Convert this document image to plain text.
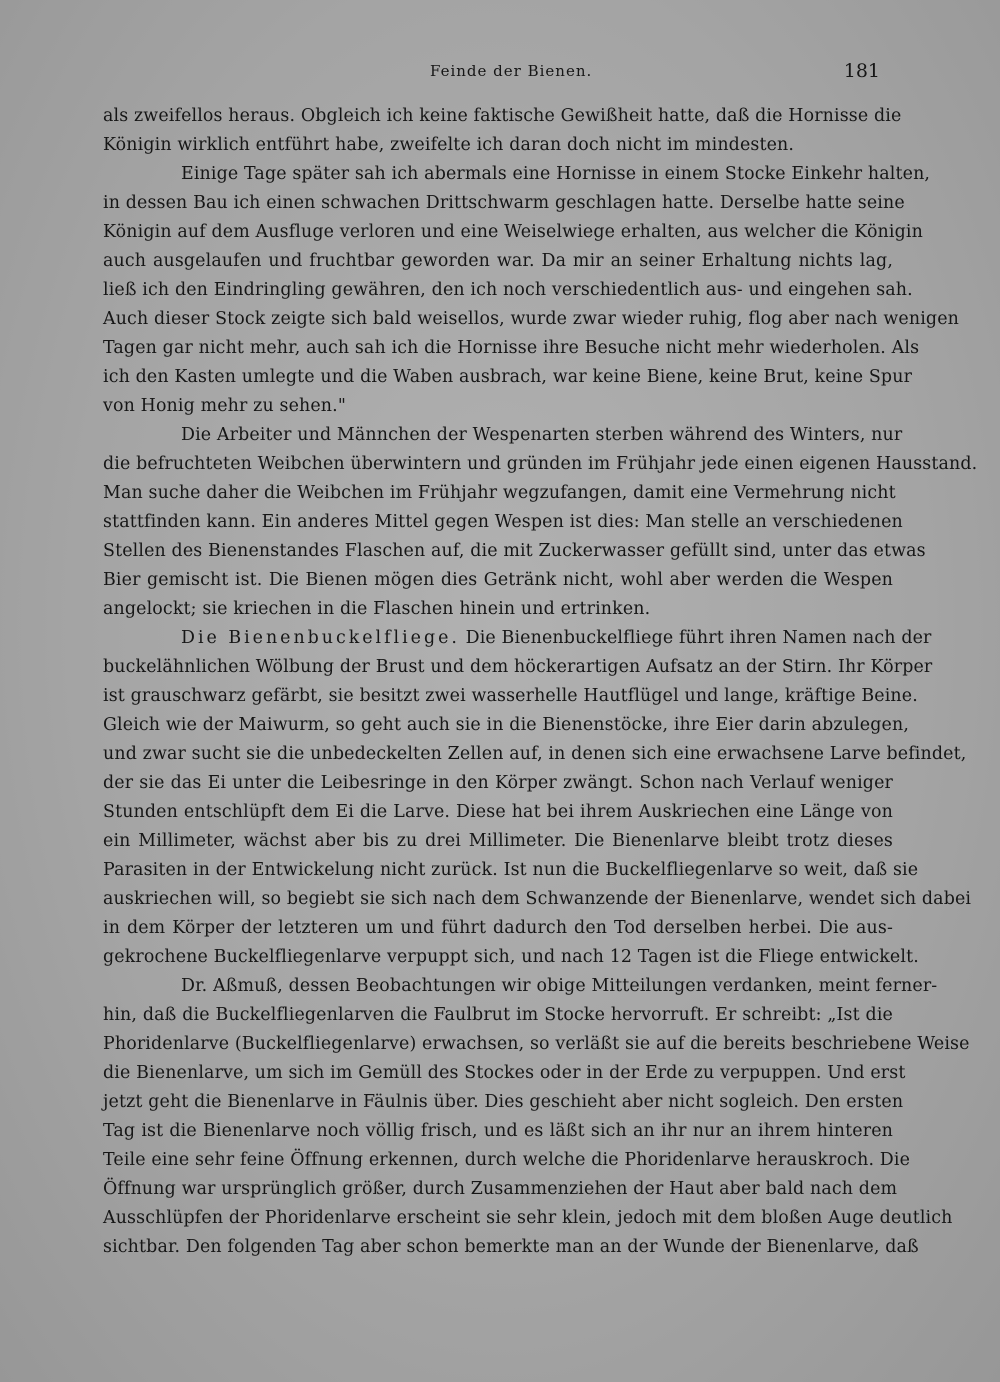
Feinde der Bienen.	181
als zweifellos heraus. Obgleich ich keine faktische Gewißheit hatte, daß die Hornisse die
Königin wirklich entführt habe, zweifelte ich daran doch nicht im mindesten.
Einige Tage später sah ich abermals eine Hornisse in einem Stocke Einkehr halten,
in dessen Bau ich einen schwachen Drittschwarm geschlagen hatte. Derselbe hatte seine
Königin auf dem Ausfluge verloren und eine Weiselwiege erhalten, aus welcher die Königin
auch ausgelaufen und fruchtbar geworden war. Da mir an seiner Erhaltung nichts lag,
ließ ich den Eindringling gewähren, den ich noch verschiedentlich aus- und eingehen sah.
Auch dieser Stock zeigte sich bald weisellos, wurde zwar wieder ruhig, flog aber nach wenigen
Tagen gar nicht mehr, auch sah ich die Hornisse ihre Besuche nicht mehr wiederholen. Als
ich den Kasten umlegte und die Waben ausbrach, war keine Biene, keine Brut, keine Spur
von Honig mehr zu sehen."
Die Arbeiter und Männchen der Wespenarten sterben während des Winters, nur
die befruchteten Weibchen überwintern und gründen im Frühjahr jede einen eigenen Hausstand.
Man suche daher die Weibchen im Frühjahr wegzufangen, damit eine Vermehrung nicht
stattfinden kann. Ein anderes Mittel gegen Wespen ist dies: Man stelle an verschiedenen
Stellen des Bienenstandes Flaschen auf, die mit Zuckerwasser gefüllt sind, unter das etwas
Bier gemischt ist. Die Bienen mögen dies Getränk nicht, wohl aber werden die Wespen
angelockt; sie kriechen in die Flaschen hinein und ertrinken.
Die Bienenbuckelfliege. Die Bienenbuckelfliege führt ihren Namen nach der
buckelähnlichen Wölbung der Brust und dem höckerartigen Aufsatz an der Stirn. Ihr Körper
ist grauschwarz gefärbt, sie besitzt zwei wasserhelle Hautflügel und lange, kräftige Beine.
Gleich wie der Maiwurm, so geht auch sie in die Bienenstöcke, ihre Eier darin abzulegen,
und zwar sucht sie die unbedeckelten Zellen auf, in denen sich eine erwachsene Larve befindet,
der sie das Ei unter die Leibesringe in den Körper zwängt. Schon nach Verlauf weniger
Stunden entschlüpft dem Ei die Larve. Diese hat bei ihrem Auskriechen eine Länge von
ein Millimeter, wächst aber bis zu drei Millimeter. Die Bienenlarve bleibt trotz dieses
Parasiten in der Entwickelung nicht zurück. Ist nun die Buckelfliegenlarve so weit, daß sie
auskriechen will, so begiebt sie sich nach dem Schwanzende der Bienenlarve, wendet sich dabei
in dem Körper der letzteren um und führt dadurch den Tod derselben herbei. Die aus-
gekrochene Buckelfliegenlarve verpuppt sich, und nach 12 Tagen ist die Fliege entwickelt.
Dr. Aßmuß, dessen Beobachtungen wir obige Mitteilungen verdanken, meint ferner-
hin, daß die Buckelfliegenlarven die Faulbrut im Stocke hervorruft. Er schreibt: „Ist die
Phoridenlarve (Buckelfliegenlarve) erwachsen, so verläßt sie auf die bereits beschriebene Weise
die Bienenlarve, um sich im Gemüll des Stockes oder in der Erde zu verpuppen. Und erst
jetzt geht die Bienenlarve in Fäulnis über. Dies geschieht aber nicht sogleich. Den ersten
Tag ist die Bienenlarve noch völlig frisch, und es läßt sich an ihr nur an ihrem hinteren
Teile eine sehr feine Öffnung erkennen, durch welche die Phoridenlarve herauskroch. Die
Öffnung war ursprünglich größer, durch Zusammenziehen der Haut aber bald nach dem
Ausschlüpfen der Phoridenlarve erscheint sie sehr klein, jedoch mit dem bloßen Auge deutlich
sichtbar. Den folgenden Tag aber schon bemerkte man an der Wunde der Bienenlarve, daß
